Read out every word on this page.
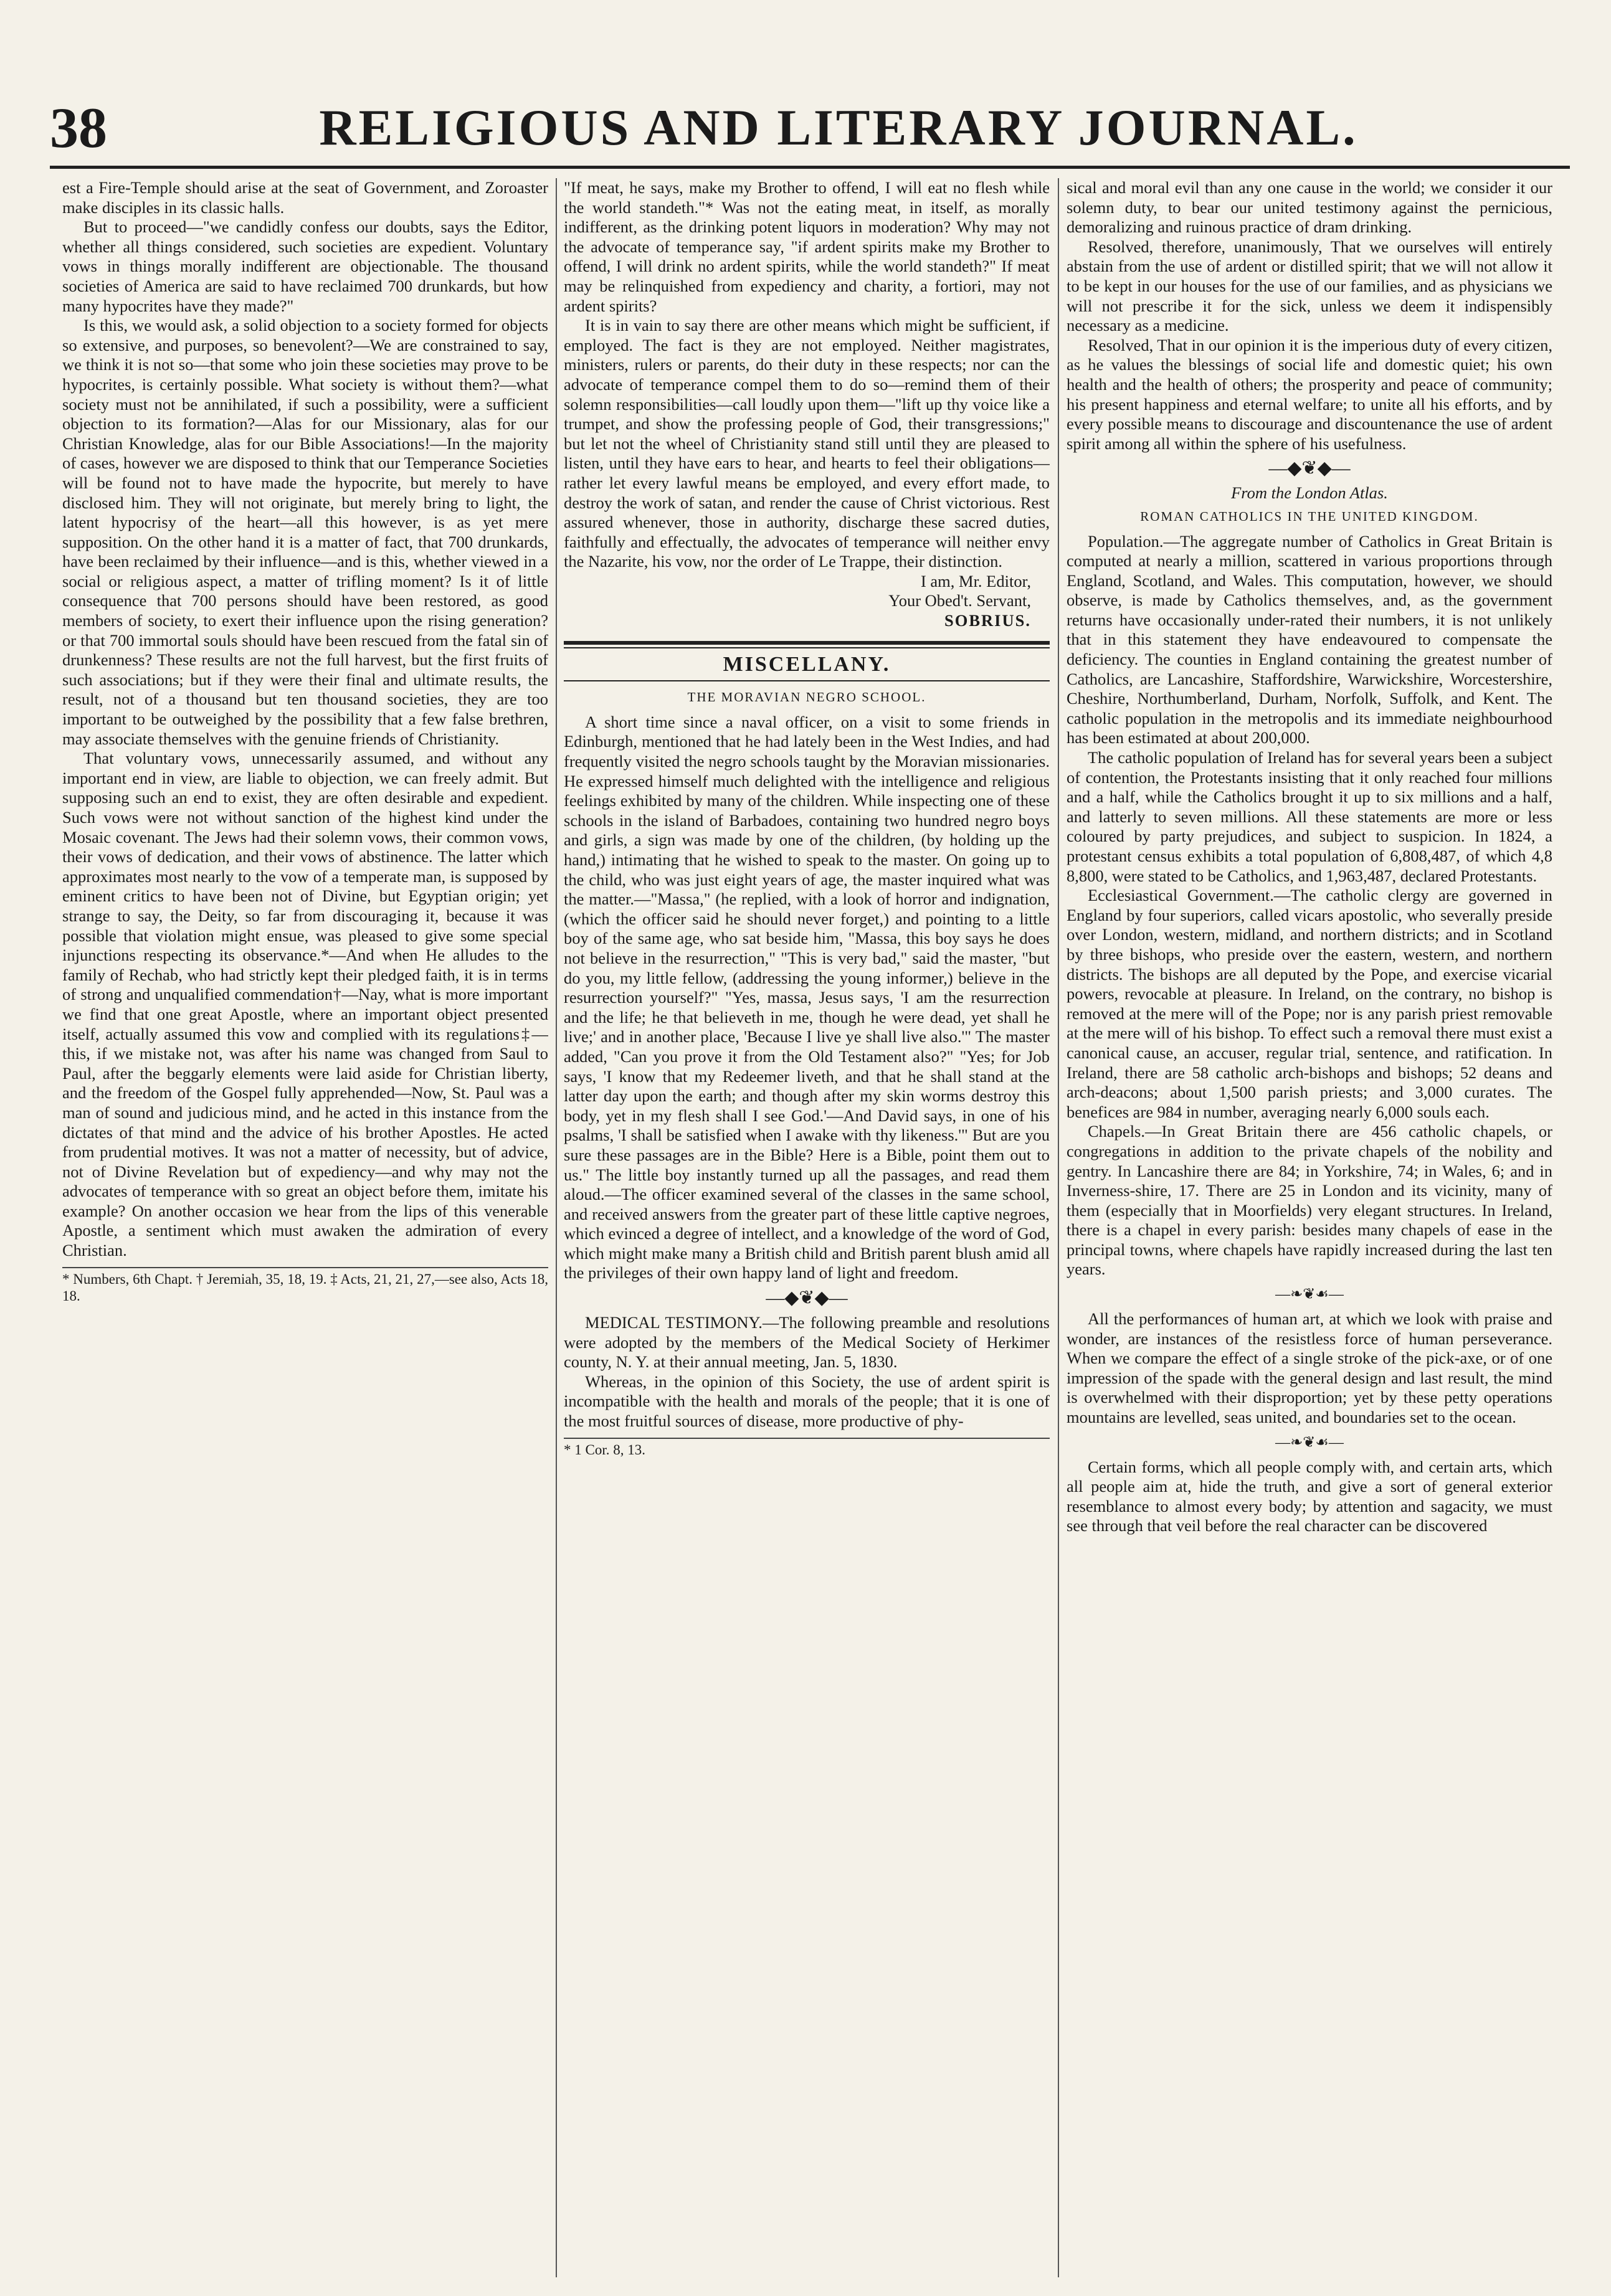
38	RELIGIOUS AND LITERARY JOURNAL.

est a Fire-Temple should arise at the seat of Government, and Zoroaster make disciples in its classic halls.

But to proceed—"we candidly confess our doubts, says the Editor, whether all things considered, such societies are expedient. Voluntary vows in things morally indifferent are objectionable. The thousand societies of America are said to have reclaimed 700 drunkards, but how many hypocrites have they made?"

Is this, we would ask, a solid objection to a society formed for objects so extensive, and purposes, so benevolent?—We are constrained to say, we think it is not so—that some who join these societies may prove to be hypocrites, is certainly possible. What society is without them?—what society must not be annihilated, if such a possibility, were a sufficient objection to its formation?—Alas for our Missionary, alas for our Christian Knowledge, alas for our Bible Associations!—In the majority of cases, however we are disposed to think that our Temperance Societies will be found not to have made the hypocrite, but merely to have disclosed him. They will not originate, but merely bring to light, the latent hypocrisy of the heart—all this however, is as yet mere supposition. On the other hand it is a matter of fact, that 700 drunkards, have been reclaimed by their influence—and is this, whether viewed in a social or religious aspect, a matter of trifling moment? Is it of little consequence that 700 persons should have been restored, as good members of society, to exert their influence upon the rising generation? or that 700 immortal souls should have been rescued from the fatal sin of drunkenness? These results are not the full harvest, but the first fruits of such associations; but if they were their final and ultimate results, the result, not of a thousand but ten thousand societies, they are too important to be outweighed by the possibility that a few false brethren, may associate themselves with the genuine friends of Christianity.

That voluntary vows, unnecessarily assumed, and without any important end in view, are liable to objection, we can freely admit. But supposing such an end to exist, they are often desirable and expedient. Such vows were not without sanction of the highest kind under the Mosaic covenant. The Jews had their solemn vows, their common vows, their vows of dedication, and their vows of abstinence. The latter which approximates most nearly to the vow of a temperate man, is supposed by eminent critics to have been not of Divine, but Egyptian origin; yet strange to say, the Deity, so far from discouraging it, because it was possible that violation might ensue, was pleased to give some special injunctions respecting its observance.*—And when He alludes to the family of Rechab, who had strictly kept their pledged faith, it is in terms of strong and unqualified commendation†—Nay, what is more important we find that one great Apostle, where an important object presented itself, actually assumed this vow and complied with its regulations‡—this, if we mistake not, was after his name was changed from Saul to Paul, after the beggarly elements were laid aside for Christian liberty, and the freedom of the Gospel fully apprehended—Now, St. Paul was a man of sound and judicious mind, and he acted in this instance from the dictates of that mind and the advice of his brother Apostles. He acted from prudential motives. It was not a matter of necessity, but of advice, not of Divine Revelation but of expediency—and why may not the advocates of temperance with so great an object before them, imitate his example? On another occasion we hear from the lips of this venerable Apostle, a sentiment which must awaken the admiration of every Christian.

* Numbers, 6th Chapt. † Jeremiah, 35, 18, 19. ‡ Acts, 21, 21, 27,—see also, Acts 18, 18.

"If meat, he says, make my Brother to offend, I will eat no flesh while the world standeth."* Was not the eating meat, in itself, as morally indifferent, as the drinking potent liquors in moderation? Why may not the advocate of temperance say, "if ardent spirits make my Brother to offend, I will drink no ardent spirits, while the world standeth?" If meat may be relinquished from expediency and charity, a fortiori, may not ardent spirits?

It is in vain to say there are other means which might be sufficient, if employed. The fact is they are not employed. Neither magistrates, ministers, rulers or parents, do their duty in these respects; nor can the advocate of temperance compel them to do so—remind them of their solemn responsibilities—call loudly upon them—"lift up thy voice like a trumpet, and show the professing people of God, their transgressions;" but let not the wheel of Christianity stand still until they are pleased to listen, until they have ears to hear, and hearts to feel their obligations—rather let every lawful means be employed, and every effort made, to destroy the work of satan, and render the cause of Christ victorious. Rest assured whenever, those in authority, discharge these sacred duties, faithfully and effectually, the advocates of temperance will neither envy the Nazarite, his vow, nor the order of Le Trappe, their distinction.

I am, Mr. Editor,

Your Obed't. Servant,

SOBRIUS.

MISCELLANY.
THE MORAVIAN NEGRO SCHOOL.

A short time since a naval officer, on a visit to some friends in Edinburgh, mentioned that he had lately been in the West Indies, and had frequently visited the negro schools taught by the Moravian missionaries. He expressed himself much delighted with the intelligence and religious feelings exhibited by many of the children. While inspecting one of these schools in the island of Barbadoes, containing two hundred negro boys and girls, a sign was made by one of the children, (by holding up the hand,) intimating that he wished to speak to the master. On going up to the child, who was just eight years of age, the master inquired what was the matter.—"Massa," (he replied, with a look of horror and indignation, (which the officer said he should never forget,) and pointing to a little boy of the same age, who sat beside him, "Massa, this boy says he does not believe in the resurrection," "This is very bad," said the master, "but do you, my little fellow, (addressing the young informer,) believe in the resurrection yourself?" "Yes, massa, Jesus says, 'I am the resurrection and the life; he that believeth in me, though he were dead, yet shall he live;' and in another place, 'Because I live ye shall live also.'" The master added, "Can you prove it from the Old Testament also?" "Yes; for Job says, 'I know that my Redeemer liveth, and that he shall stand at the latter day upon the earth; and though after my skin worms destroy this body, yet in my flesh shall I see God.'—And David says, in one of his psalms, 'I shall be satisfied when I awake with thy likeness.'" But are you sure these passages are in the Bible? Here is a Bible, point them out to us." The little boy instantly turned up all the passages, and read them aloud.—The officer examined several of the classes in the same school, and received answers from the greater part of these little captive negroes, which evinced a degree of intellect, and a knowledge of the word of God, which might make many a British child and British parent blush amid all the privileges of their own happy land of light and freedom.

—◆❦◆—

MEDICAL TESTIMONY.—The following preamble and resolutions were adopted by the members of the Medical Society of Herkimer county, N. Y. at their annual meeting, Jan. 5, 1830.

Whereas, in the opinion of this Society, the use of ardent spirit is incompatible with the health and morals of the people; that it is one of the most fruitful sources of disease, more productive of phy-

* 1 Cor. 8, 13.

sical and moral evil than any one cause in the world; we consider it our solemn duty, to bear our united testimony against the pernicious, demoralizing and ruinous practice of dram drinking.

Resolved, therefore, unanimously, That we ourselves will entirely abstain from the use of ardent or distilled spirit; that we will not allow it to be kept in our houses for the use of our families, and as physicians we will not prescribe it for the sick, unless we deem it indispensibly necessary as a medicine.

Resolved, That in our opinion it is the imperious duty of every citizen, as he values the blessings of social life and domestic quiet; his own health and the health of others; the prosperity and peace of community; his present happiness and eternal welfare; to unite all his efforts, and by every possible means to discourage and discountenance the use of ardent spirit among all within the sphere of his usefulness.

—◆❦◆—
From the London Atlas.
ROMAN CATHOLICS IN THE UNITED KINGDOM.

Population.—The aggregate number of Catholics in Great Britain is computed at nearly a million, scattered in various proportions through England, Scotland, and Wales. This computation, however, we should observe, is made by Catholics themselves, and, as the government returns have occasionally under-rated their numbers, it is not unlikely that in this statement they have endeavoured to compensate the deficiency. The counties in England containing the greatest number of Catholics, are Lancashire, Staffordshire, Warwickshire, Worcestershire, Cheshire, Northumberland, Durham, Norfolk, Suffolk, and Kent. The catholic population in the metropolis and its immediate neighbourhood has been estimated at about 200,000.

The catholic population of Ireland has for several years been a subject of contention, the Protestants insisting that it only reached four millions and a half, while the Catholics brought it up to six millions and a half, and latterly to seven millions. All these statements are more or less coloured by party prejudices, and subject to suspicion. In 1824, a protestant census exhibits a total population of 6,808,487, of which 4,8 8,800, were stated to be Catholics, and 1,963,487, declared Protestants.

Ecclesiastical Government.—The catholic clergy are governed in England by four superiors, called vicars apostolic, who severally preside over London, western, midland, and northern districts; and in Scotland by three bishops, who preside over the eastern, western, and northern districts. The bishops are all deputed by the Pope, and exercise vicarial powers, revocable at pleasure. In Ireland, on the contrary, no bishop is removed at the mere will of the Pope; nor is any parish priest removable at the mere will of his bishop. To effect such a removal there must exist a canonical cause, an accuser, regular trial, sentence, and ratification. In Ireland, there are 58 catholic arch-bishops and bishops; 52 deans and arch-deacons; about 1,500 parish priests; and 3,000 curates. The benefices are 984 in number, averaging nearly 6,000 souls each.

Chapels.—In Great Britain there are 456 catholic chapels, or congregations in addition to the private chapels of the nobility and gentry. In Lancashire there are 84; in Yorkshire, 74; in Wales, 6; and in Inverness-shire, 17. There are 25 in London and its vicinity, many of them (especially that in Moorfields) very elegant structures. In Ireland, there is a chapel in every parish: besides many chapels of ease in the principal towns, where chapels have rapidly increased during the last ten years.

—❧❦☙—

All the performances of human art, at which we look with praise and wonder, are instances of the resistless force of human perseverance. When we compare the effect of a single stroke of the pick-axe, or of one impression of the spade with the general design and last result, the mind is overwhelmed with their disproportion; yet by these petty operations mountains are levelled, seas united, and boundaries set to the ocean.

—❧❦☙—

Certain forms, which all people comply with, and certain arts, which all people aim at, hide the truth, and give a sort of general exterior resemblance to almost every body; by attention and sagacity, we must see through that veil before the real character can be discovered
